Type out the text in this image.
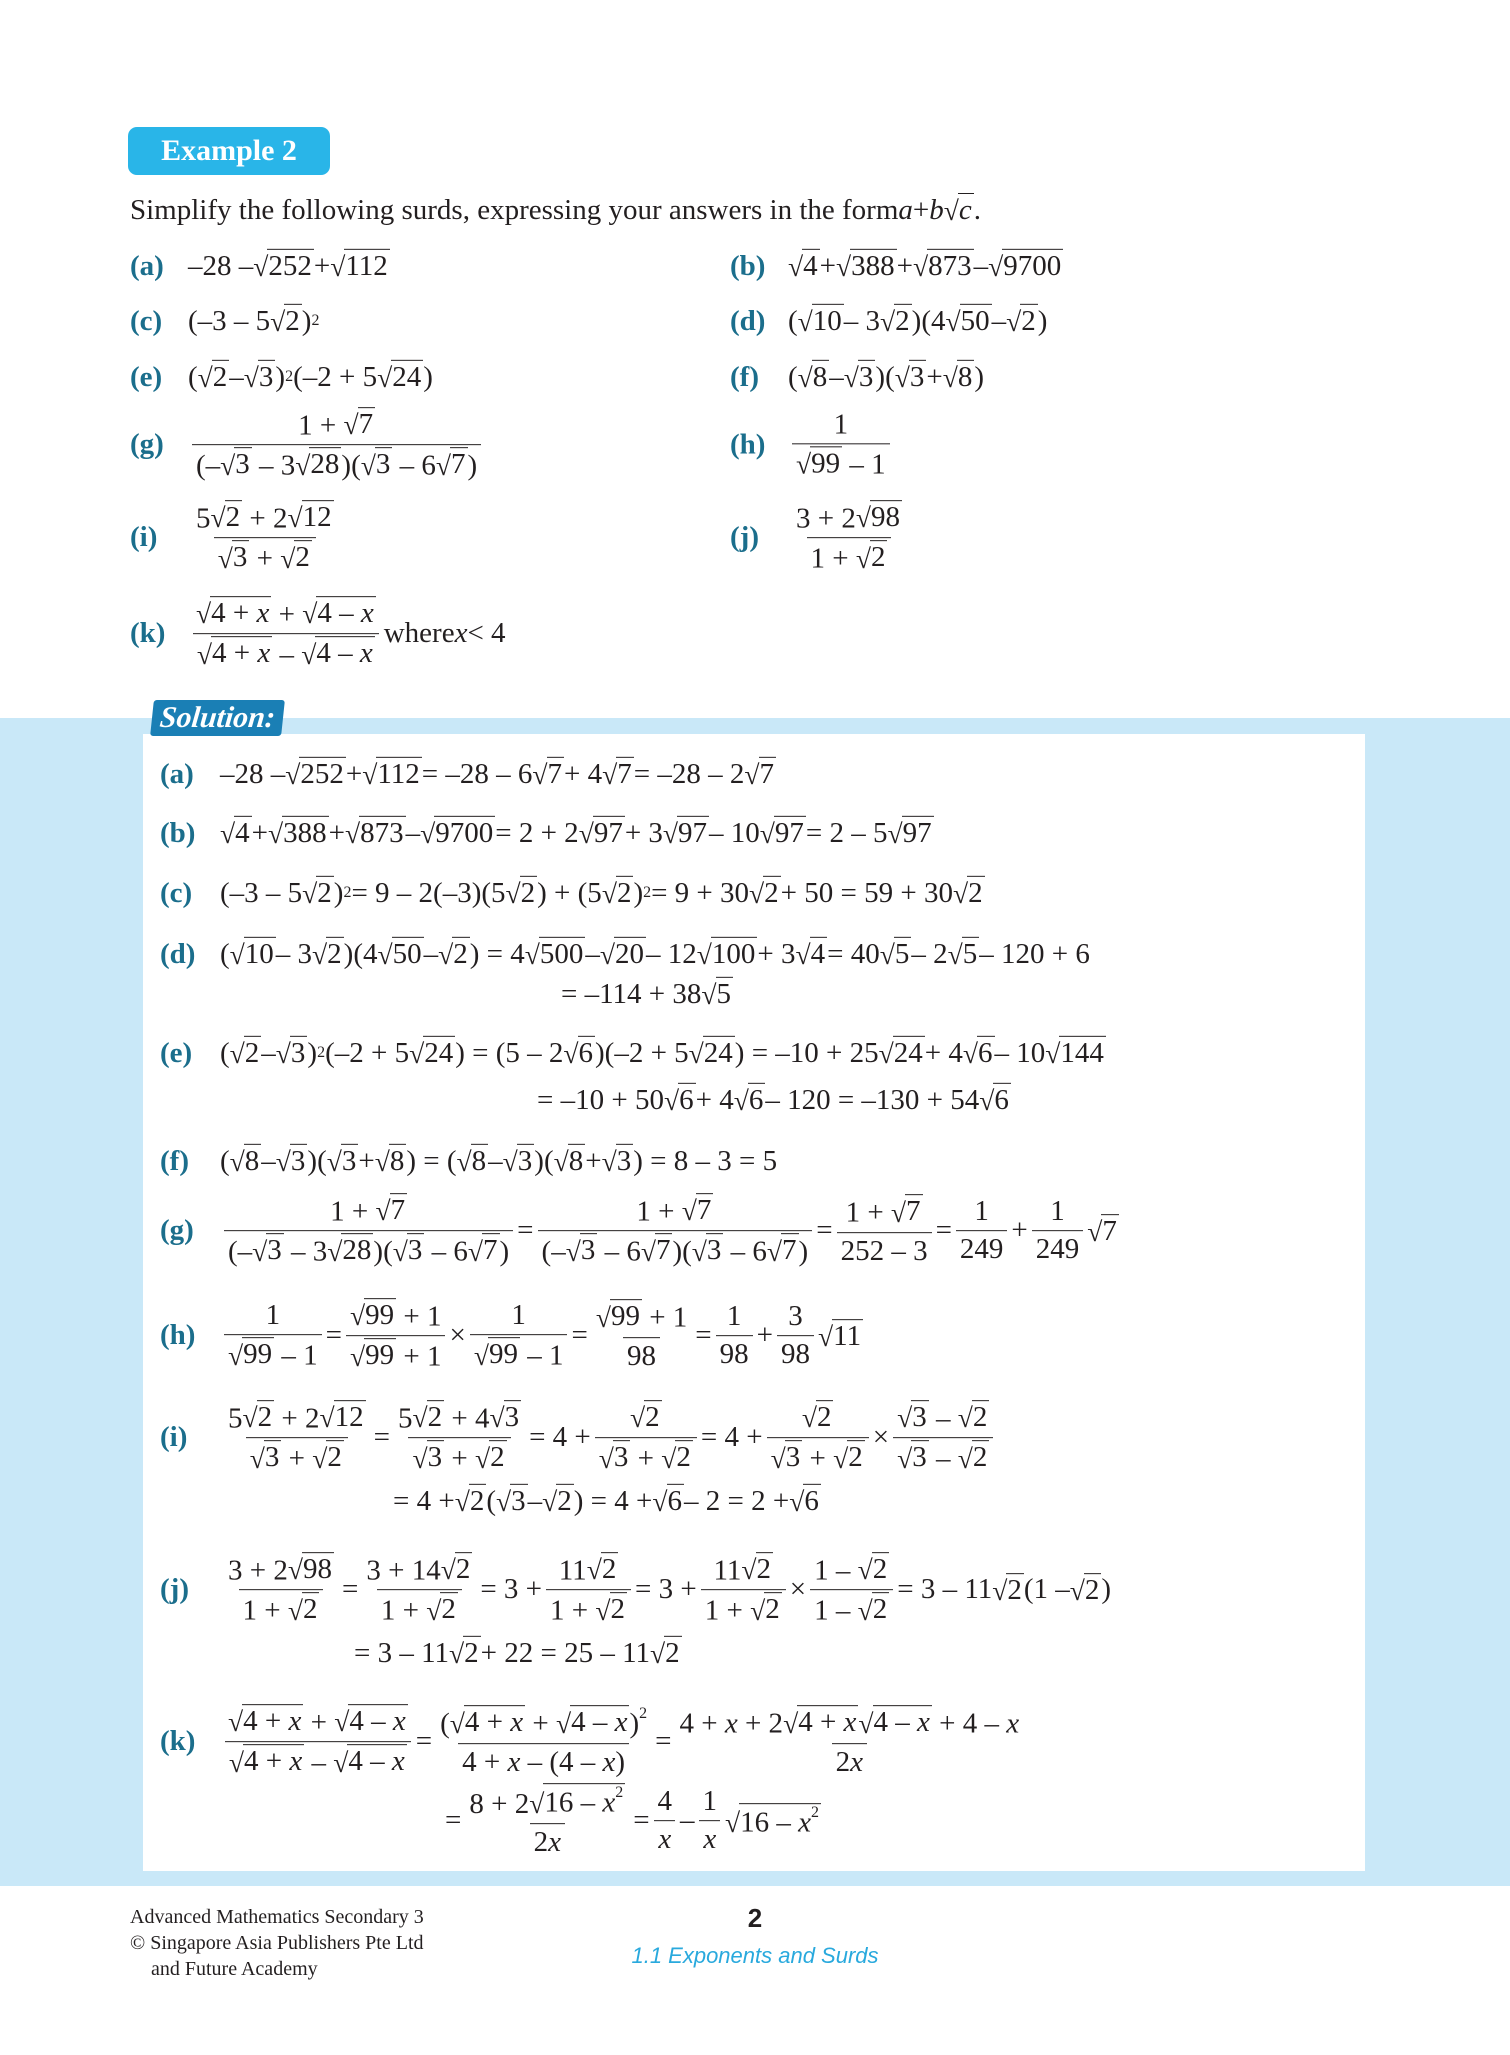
Example 2
Simplify the following surds, expressing your answers in the form a + b √ c .
(a) –28 – √ 252 + √ 112	(b) √ 4 + √ 388 + √ 873 – √ 9700
(c) (–3 – 5 √ 2 ) 2	(d) ( √ 10 – 3 √ 2 )(4 √ 50 – √ 2 )
(e) ( √ 2 – √ 3 ) 2 (–2 + 5 √ 24 )	(f)	( √ 8 – √ 3 )( √ 3 + √ 8 )
$(g) \frac{1 + √ 7}{(- √ 3 - 3 √ 28 )( √ 3 - 6 √ 7 )}$	$(h) \frac{1}{√ 99 - 1}$
(i)	$\frac{5 √ 2 + 2 √ 12}{√ 3 + √ 2}$	(j)	$\frac{3 + 2 √ 98}{1 + √ 2}$
$(k) \frac{√ 4 + x + √ 4 - x}{√ 4 + x - √ 4 - x}$ where x < 4
Solution:
(a) –28 – √ 252 + √ 112 = –28 – 6 √ 7 + 4 √ 7 = –28 – 2 √ 7
(b) √ 4 + √ 388 + √ 873 – √ 9700 = 2 + 2 √ 97 + 3 √ 97 – 10 √ 97 = 2 – 5 √ 97
(c) (–3 – 5 √ 2 ) 2 = 9 – 2(–3)(5 √ 2 ) + (5 √ 2 ) 2 = 9 + 30 √ 2 + 50 = 59 + 30 √ 2
(d) ( √ 10 – 3 √ 2 )(4 √ 50 – √ 2 ) = 4 √ 500 – √ 20 – 12 √ 100 + 3 √ 4 = 40 √ 5 – 2 √ 5 – 120 + 6
= –114 + 38 √ 5
(e) ( √ 2 – √ 3 ) 2 (–2 + 5 √ 24 ) = (5 – 2 √ 6 )(–2 + 5 √ 24 ) = –10 + 25 √ 24 + 4 √ 6 – 10 √ 144
= –10 + 50 √ 6 + 4 √ 6 – 120 = –130 + 54 √ 6
(f)	( √ 8 – √ 3 )( √ 3 + √ 8 ) = ( √ 8 – √ 3 )( √ 8 + √ 3 ) = 8 – 3 = 5
(g)	$\frac{1 + √ 7}{(- √ 3 - 3 √ 28 )( √ 3 - 6 √ 7 )} = \frac{1 + √ 7}{(- √ 3 - 6 √ 7 )( √ 3 - 6 √ 7 )} = \frac{1 + √ 7}{252 - 3} = \frac{1}{249} + \frac{1}{249}$ √ 7
$(h) \frac{1}{√ 99 - 1} = \frac{√ 99 + 1}{√ 99 + 1} \times \frac{1}{√ 99 - 1} = \frac{√ 99 + 1}{98} = \frac{1}{98} + \frac{3}{98}$ √ 11
(i)	$\frac{5 √ 2 + 2 √ 12}{√ 3 + √ 2} = \frac{5 √ 2 + 4 √ 3}{√ 3 + √ 2} = 4 + \frac{√ 2}{√ 3 + √ 2} = 4 + \frac{√ 2}{√ 3 + √ 2} \times \frac{√ 3 - √ 2}{√ 3 - √ 2}$
= 4 + √ 2 ( √ 3 – √ 2 ) = 4 + √ 6 – 2 = 2 + √ 6
(j)	$\frac{3 + 2 √ 98}{1 + √ 2} = \frac{3 + 14 √ 2}{1 + √ 2} = 3 + \frac{11 √ 2}{1 + √ 2} = 3 + \frac{11 √ 2}{1 + √ 2} \times \frac{1 - √ 2}{1 - √ 2} = 3 - 11$ √ 2 (1 – √ 2 )
= 3 – 11 √ 2 + 22 = 25 – 11 √ 2
(k)	$\frac{√ 4 + x + √ 4 - x}{√ 4 + x - √ 4 - x} = \frac{( √ 4 + x + √ 4 - x )^2}{4 + x - (4 - x)} = \frac{4 + x + 2 √ 4 + x √ 4 - x + 4 - x}{2x}$
= $\frac{8 + 2 √ 16 - x^2}{2x} = \frac{4}{x} - \frac{1}{x}$ √ $16 - x^2$
Advanced Mathematics Secondary 3
© Singapore Asia Publishers Pte Ltd
and Future Academy
2
1.1 Exponents and Surds
